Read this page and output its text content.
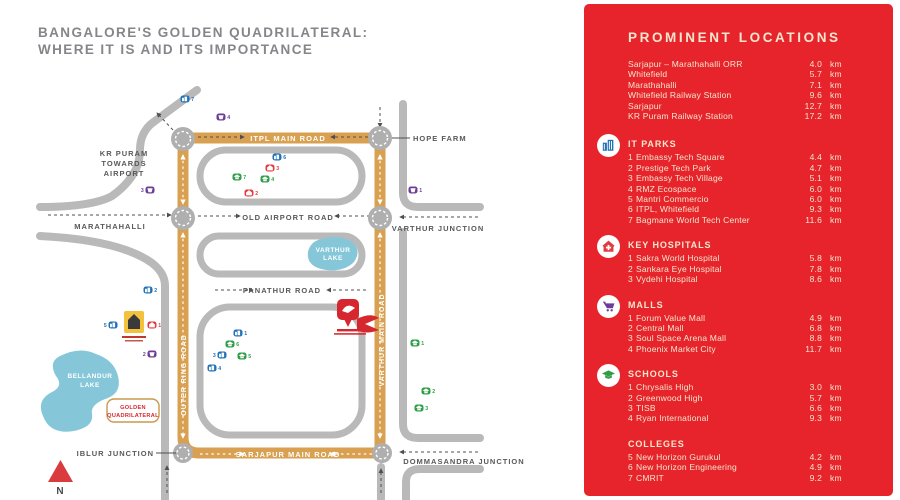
BANGALORE'S GOLDEN QUADRILATERAL:
WHERE IT IS AND ITS IMPORTANCE
ITPL MAIN ROAD
OLD AIRPORT ROAD
PANATHUR ROAD
SARJAPUR MAIN ROAD
OUTER RING ROAD	VARTHUR MAIN ROAD
KR PURAM
TOWARDS
AIRPORT
MARATHAHALLI
HOPE FARM
VARTHUR JUNCTION
IBLUR JUNCTION
DOMMASANDRA JUNCTION
VARTHUR
LAKE
BELLANDUR
LAKE
GOLDEN
QUADRILATERAL
N
7
4
6
3
7	4
2
3	1
2
5	1
2
1
6
3	5
4
1
2
3
PROMINENT LOCATIONS
Sarjapur – Marathahalli ORR	4.0 km
Whitefield	5.7 km
Marathahalli	7.1 km
Whitefield Railway Station	9.6 km
Sarjapur	12.7 km
KR Puram Railway Station	17.2 km
IT PARKS
1 Embassy Tech Square	4.4 km
2 Prestige Tech Park	4.7 km
3 Embassy Tech Village	5.1 km
4 RMZ Ecospace	6.0 km
5 Mantri Commercio	6.0 km
6 ITPL, Whitefield	9.3 km
7 Bagmane World Tech Center	11.6 km
KEY HOSPITALS
1 Sakra World Hospital	5.8 km
2 Sankara Eye Hospital	7.8 km
3 Vydehi Hospital	8.6 km
MALLS
1 Forum Value Mall	4.9 km
2 Central Mall	6.8 km
3 Soul Space Arena Mall	8.8 km
4 Phoenix Market City	11.7 km
SCHOOLS
1 Chrysalis High	3.0 km
2 Greenwood High	5.7 km
3 TISB	6.6 km
4 Ryan International	9.3 km
COLLEGES
5 New Horizon Gurukul	4.2 km
6 New Horizon Engineering	4.9 km
7 CMRIT	9.2 km
